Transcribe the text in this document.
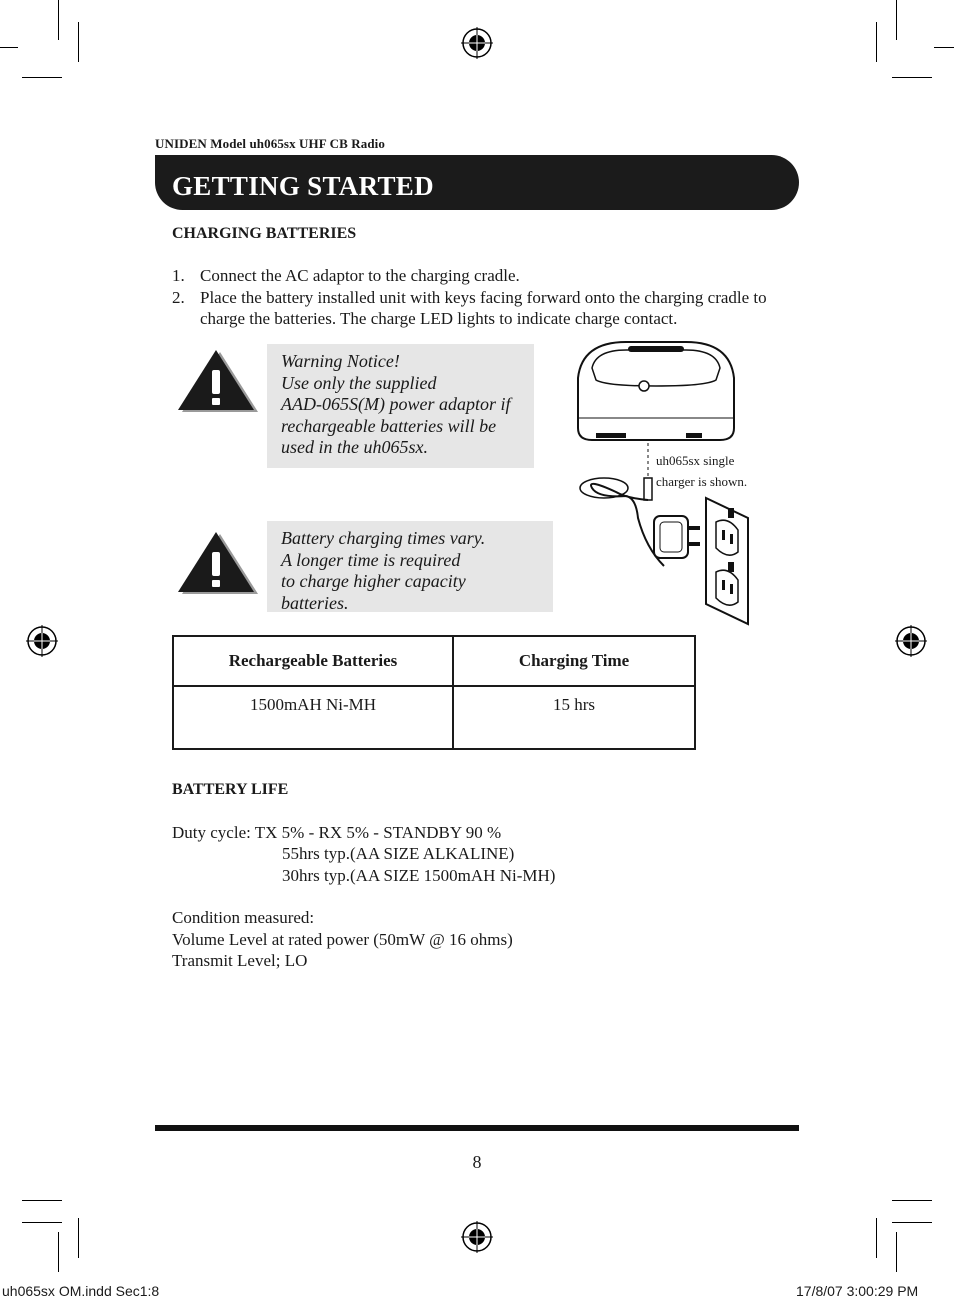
UNIDEN Model uh065sx UHF CB Radio
GETTING STARTED
CHARGING BATTERIES
1. Connect the AC adaptor to the charging cradle.
2. Place the battery installed unit with keys facing forward onto the charging cradle to charge the batteries. The charge LED lights to indicate charge contact.
Warning Notice!
Use only the supplied
AAD-065S(M) power adaptor if
rechargeable batteries will be
used in the uh065sx.
Battery charging times vary.
A longer time is required
to charge higher capacity
batteries.
uh065sx single
charger is shown.
Rechargeable Batteries	Charging Time
1500mAH Ni-MH	15 hrs
BATTERY LIFE
Duty cycle: TX 5% - RX 5% - STANDBY 90 %
55hrs typ.(AA SIZE ALKALINE)
30hrs typ.(AA SIZE 1500mAH Ni-MH)
Condition measured:
Volume Level at rated power (50mW @ 16 ohms)
Transmit Level; LO
8
uh065sx OM.indd Sec1:8	17/8/07 3:00:29 PM
